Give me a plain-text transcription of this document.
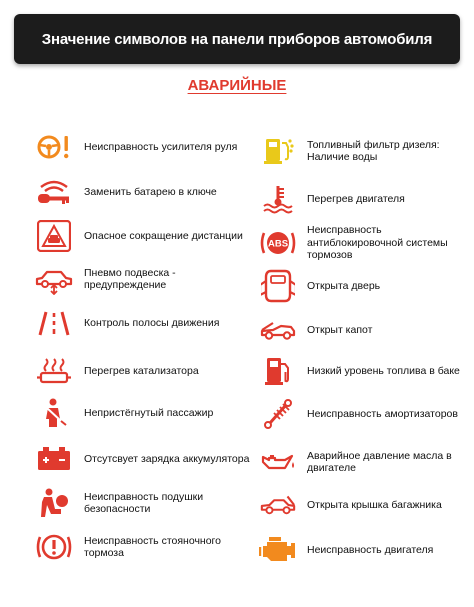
Значение символов на панели приборов автомобиля
АВАРИЙНЫЕ
Неисправность усилителя руля
Заменить батарею в ключе
Опасное сокращение дистанции
Пневмо подвеска - предупреждение
Контроль полосы движения
Перегрев катализатора
Непристёгнутый пассажир
Отсутсвует зарядка аккумулятора
Неисправность подушки безопасности
Неисправность стояночного тормоза
Топливный фильтр дизеля: Наличие воды
Перегрев двигателя
ABS
Неисправность антиблокировочной системы тормозов
Открыта дверь
Открыт капот
Низкий уровень топлива в баке
Неисправность амортизаторов
Аварийное давление масла в двигателе
Открыта крышка багажника
Неисправность двигателя
